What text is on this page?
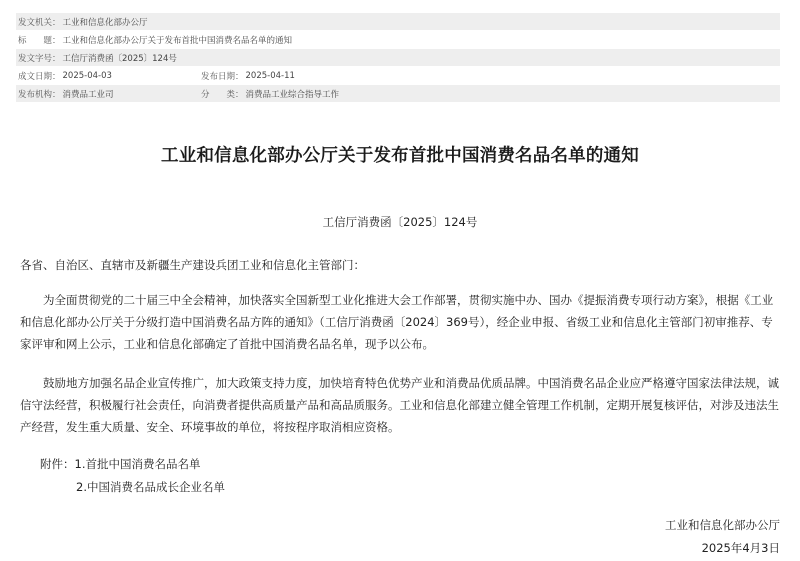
发文机关： 工业和信息化部办公厅
标　　题： 工业和信息化部办公厅关于发布首批中国消费名品名单的通知
发文字号： 工信厅消费函〔2025〕124号
成文日期： 2025-04-03	发布日期： 2025-04-11
发布机构： 消费品工业司	分　　类： 消费品工业综合指导工作
工业和信息化部办公厅关于发布首批中国消费名品名单的通知
工信厅消费函〔2025〕124号
各省、自治区、直辖市及新疆生产建设兵团工业和信息化主管部门：
为全面贯彻党的二十届三中全会精神，加快落实全国新型工业化推进大会工作部署，贯彻实施中办、国办《提振消费专项行动方案》，根据《工业和信息化部办公厅关于分级打造中国消费名品方阵的通知》（工信厅消费函〔2024〕369号），经企业申报、省级工业和信息化主管部门初审推荐、专家评审和网上公示，工业和信息化部确定了首批中国消费名品名单，现予以公布。
鼓励地方加强名品企业宣传推广，加大政策支持力度，加快培育特色优势产业和消费品优质品牌。中国消费名品企业应严格遵守国家法律法规，诚信守法经营，积极履行社会责任，向消费者提供高质量产品和高品质服务。工业和信息化部建立健全管理工作机制，定期开展复核评估，对涉及违法生产经营，发生重大质量、安全、环境事故的单位，将按程序取消相应资格。
附件：1.首批中国消费名品名单
2.中国消费名品成长企业名单
工业和信息化部办公厅
2025年4月3日
